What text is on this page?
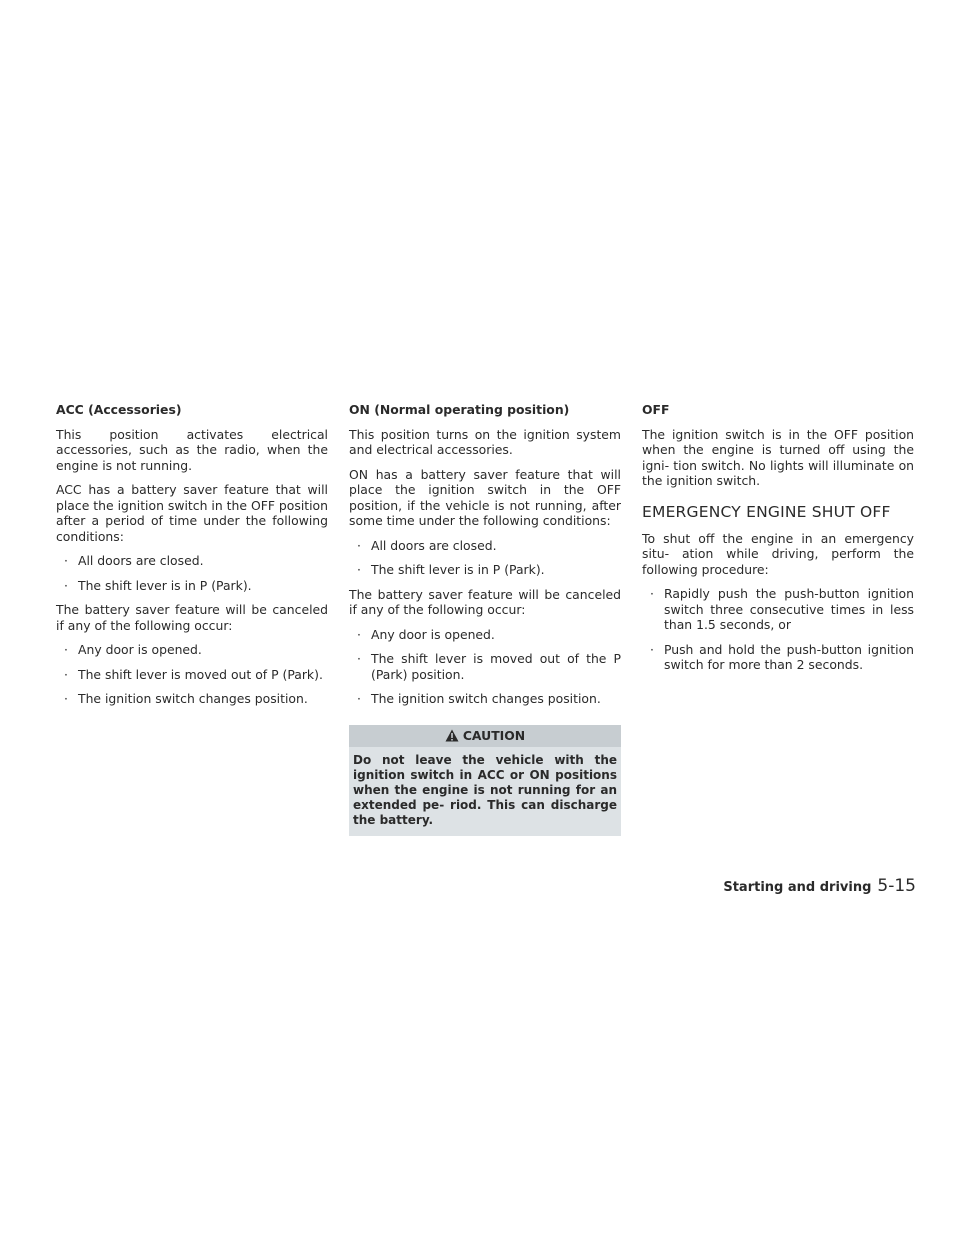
ACC (Accessories)
This position activates electrical accessories, such as the radio, when the engine is not running.
ACC has a battery saver feature that will place the ignition switch in the OFF position after a period of time under the following conditions:
· All doors are closed.
· The shift lever is in P (Park).
The battery saver feature will be canceled if any of the following occur:
· Any door is opened.
· The shift lever is moved out of P (Park).
· The ignition switch changes position.
ON (Normal operating position)
This position turns on the ignition system and electrical accessories.
ON has a battery saver feature that will place the ignition switch in the OFF position, if the vehicle is not running, after some time under the following conditions:
· All doors are closed.
· The shift lever is in P (Park).
The battery saver feature will be canceled if any of the following occur:
· Any door is opened.
· The shift lever is moved out of the P (Park) position.
· The ignition switch changes position.
CAUTION
Do not leave the vehicle with the ignition switch in ACC or ON positions when the engine is not running for an extended pe- riod. This can discharge the battery.
OFF
The ignition switch is in the OFF position when the engine is turned off using the igni- tion switch. No lights will illuminate on the ignition switch.
EMERGENCY ENGINE SHUT OFF
To shut off the engine in an emergency situ- ation while driving, perform the following procedure:
· Rapidly push the push-button ignition switch three consecutive times in less than 1.5 seconds, or
· Push and hold the push-button ignition switch for more than 2 seconds.
Starting and driving 5-15
